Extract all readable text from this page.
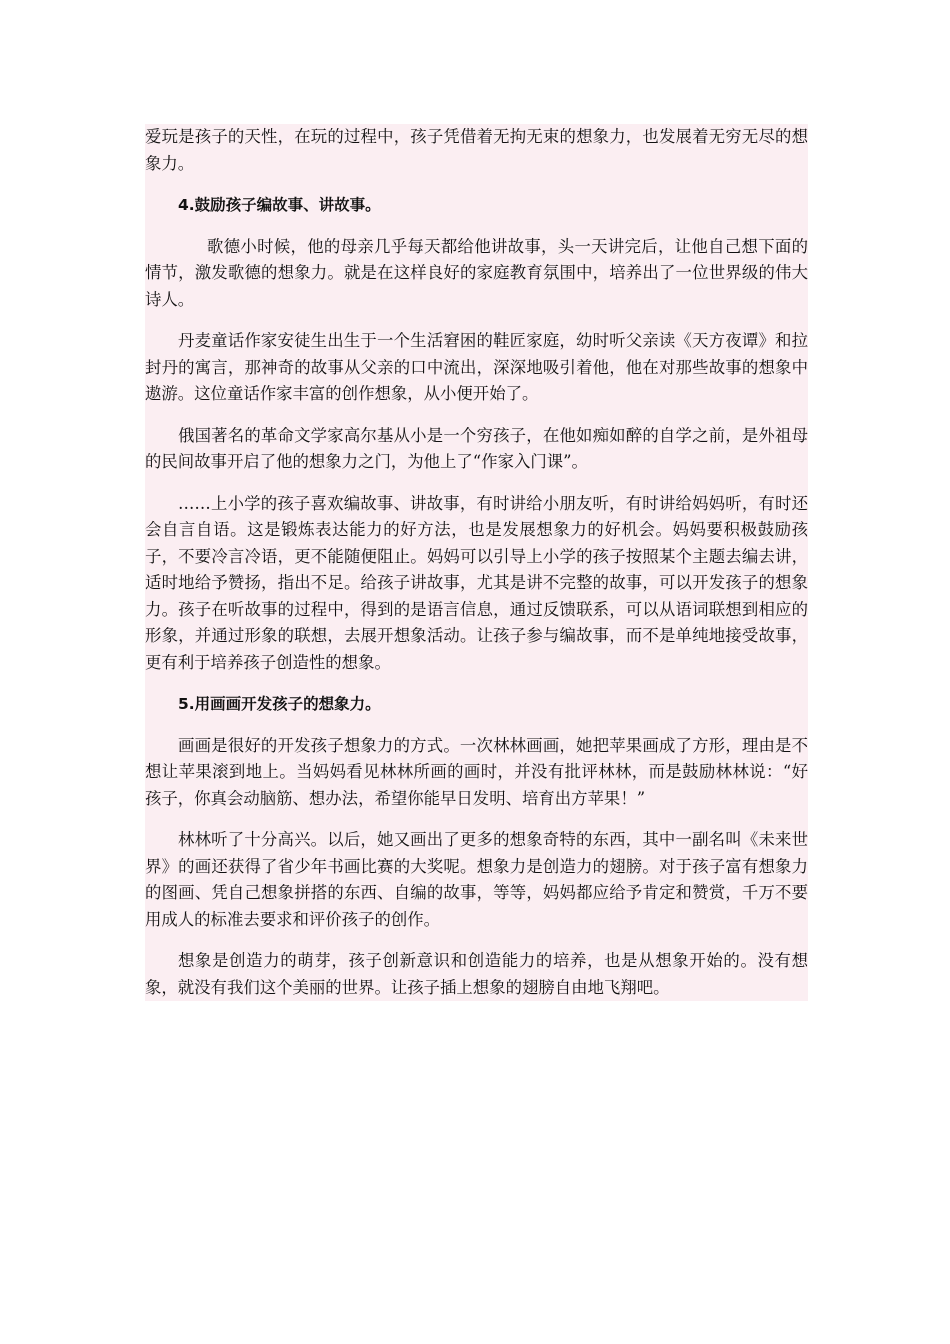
爱玩是孩子的天性，在玩的过程中，孩子凭借着无拘无束的想象力，也发展着无穷无尽的想象力。

4.鼓励孩子编故事、讲故事。

歌德小时候，他的母亲几乎每天都给他讲故事，头一天讲完后，让他自己想下面的情节，激发歌德的想象力。就是在这样良好的家庭教育氛围中，培养出了一位世界级的伟大诗人。

丹麦童话作家安徒生出生于一个生活窘困的鞋匠家庭，幼时听父亲读《天方夜谭》和拉封丹的寓言，那神奇的故事从父亲的口中流出，深深地吸引着他，他在对那些故事的想象中遨游。这位童话作家丰富的创作想象，从小便开始了。

俄国著名的革命文学家高尔基从小是一个穷孩子，在他如痴如醉的自学之前，是外祖母的民间故事开启了他的想象力之门，为他上了“作家入门课”。

……上小学的孩子喜欢编故事、讲故事，有时讲给小朋友听，有时讲给妈妈听，有时还会自言自语。这是锻炼表达能力的好方法，也是发展想象力的好机会。妈妈要积极鼓励孩子，不要冷言冷语，更不能随便阻止。妈妈可以引导上小学的孩子按照某个主题去编去讲，适时地给予赞扬，指出不足。给孩子讲故事，尤其是讲不完整的故事，可以开发孩子的想象力。孩子在听故事的过程中，得到的是语言信息，通过反馈联系，可以从语词联想到相应的形象，并通过形象的联想，去展开想象活动。让孩子参与编故事，而不是单纯地接受故事，更有利于培养孩子创造性的想象。

5.用画画开发孩子的想象力。

画画是很好的开发孩子想象力的方式。一次林林画画，她把苹果画成了方形，理由是不想让苹果滚到地上。当妈妈看见林林所画的画时，并没有批评林林，而是鼓励林林说：“好孩子，你真会动脑筋、想办法，希望你能早日发明、培育出方苹果！”

林林听了十分高兴。以后，她又画出了更多的想象奇特的东西，其中一副名叫《未来世界》的画还获得了省少年书画比赛的大奖呢。想象力是创造力的翅膀。对于孩子富有想象力的图画、凭自己想象拼搭的东西、自编的故事，等等，妈妈都应给予肯定和赞赏，千万不要用成人的标准去要求和评价孩子的创作。

想象是创造力的萌芽，孩子创新意识和创造能力的培养，也是从想象开始的。没有想象，就没有我们这个美丽的世界。让孩子插上想象的翅膀自由地飞翔吧。
